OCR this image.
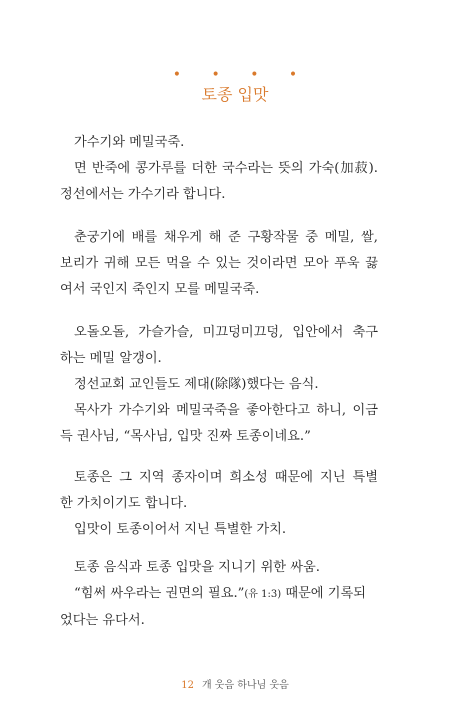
• • • •
토종 입맛
가수기와 메밀국죽.
면 반죽에 콩가루를 더한 국수라는 뜻의 가숙(加菽).
정선에서는 가수기라 합니다.
춘궁기에 배를 채우게 해 준 구황작물 중 메밀, 쌀,
보리가 귀해 모든 먹을 수 있는 것이라면 모아 푸욱 끓
여서 국인지 죽인지 모를 메밀국죽.
오돌오돌, 가슬가슬, 미끄덩미끄덩, 입안에서 축구
하는 메밀 알갱이.
정선교회 교인들도 제대(除隊)했다는 음식.
목사가 가수기와 메밀국죽을 좋아한다고 하니, 이금
득 권사님, “목사님, 입맛 진짜 토종이네요.”
토종은 그 지역 종자이며 희소성 때문에 지닌 특별
한 가치이기도 합니다.
입맛이 토종이어서 지닌 특별한 가치.
토종 음식과 토종 입맛을 지니기 위한 싸움.
“힘써 싸우라는 권면의 필요.”(유 1:3) 때문에 기록되
었다는 유다서.
12 개 웃음 하나님 웃음
